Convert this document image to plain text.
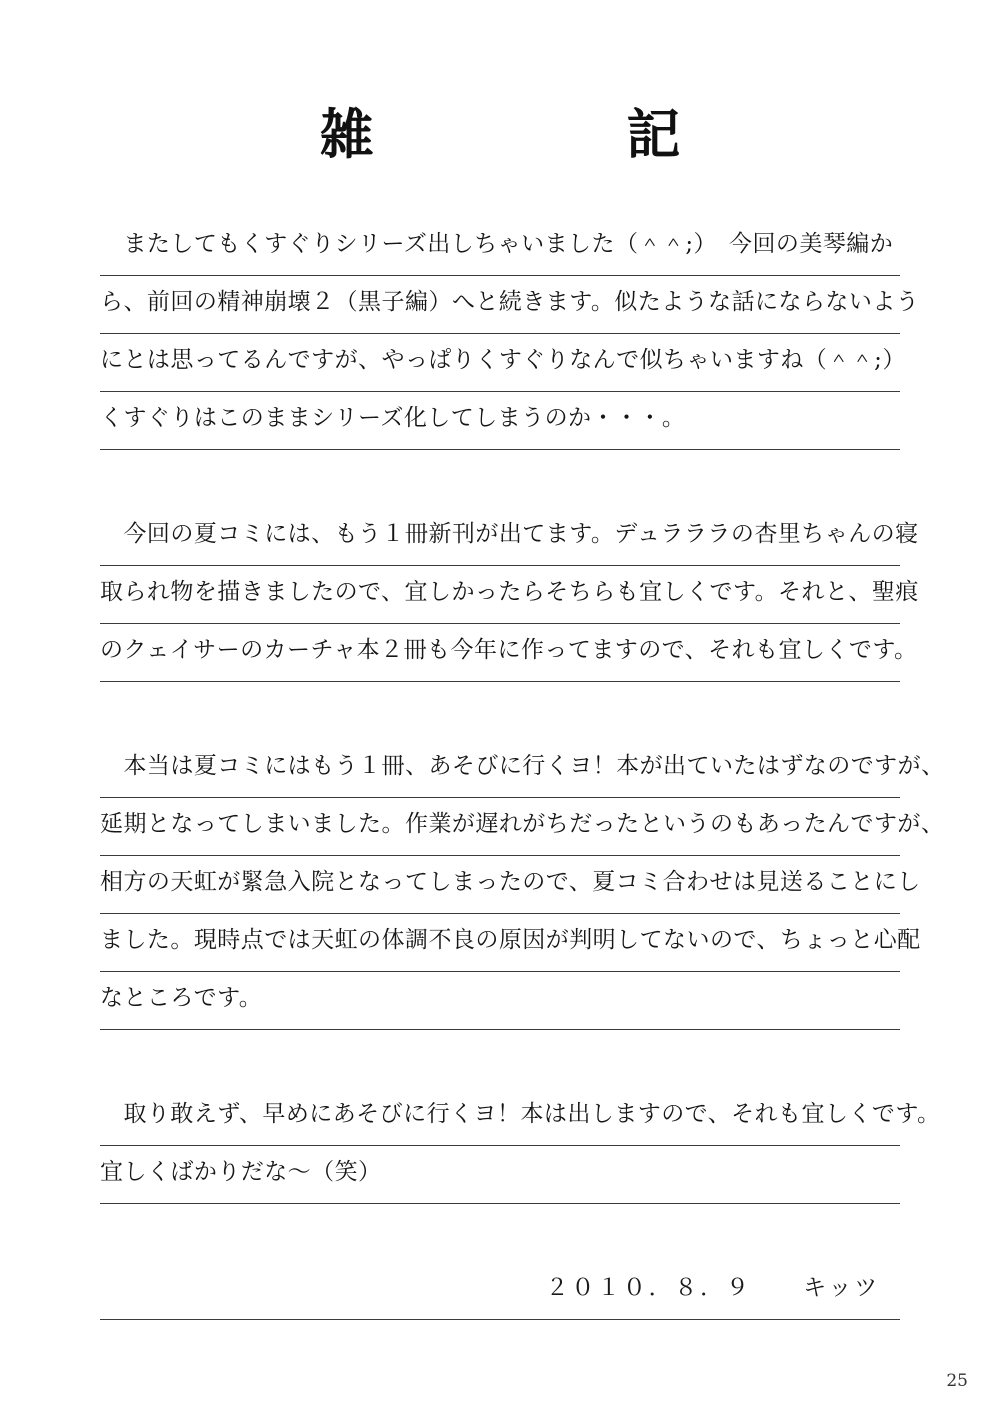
雑　　　記
　またしてもくすぐりシリーズ出しちゃいました（＾＾;）　今回の美琴編か
ら、前回の精神崩壊２（黒子編）へと続きます。似たような話にならないよう
にとは思ってるんですが、やっぱりくすぐりなんで似ちゃいますね（＾＾;）
くすぐりはこのままシリーズ化してしまうのか・・・。
　今回の夏コミには、もう１冊新刊が出てます。デュラララの杏里ちゃんの寝
取られ物を描きましたので、宜しかったらそちらも宜しくです。それと、聖痕
のクェイサーのカーチャ本２冊も今年に作ってますので、それも宜しくです。
　本当は夏コミにはもう１冊、あそびに行くヨ！本が出ていたはずなのですが、
延期となってしまいました。作業が遅れがちだったというのもあったんですが、
相方の天虹が緊急入院となってしまったので、夏コミ合わせは見送ることにし
ました。現時点では天虹の体調不良の原因が判明してないので、ちょっと心配
なところです。
　取り敢えず、早めにあそびに行くヨ！本は出しますので、それも宜しくです。
宜しくばかりだな〜（笑）
２０１０．８．９　　キッツ
25
